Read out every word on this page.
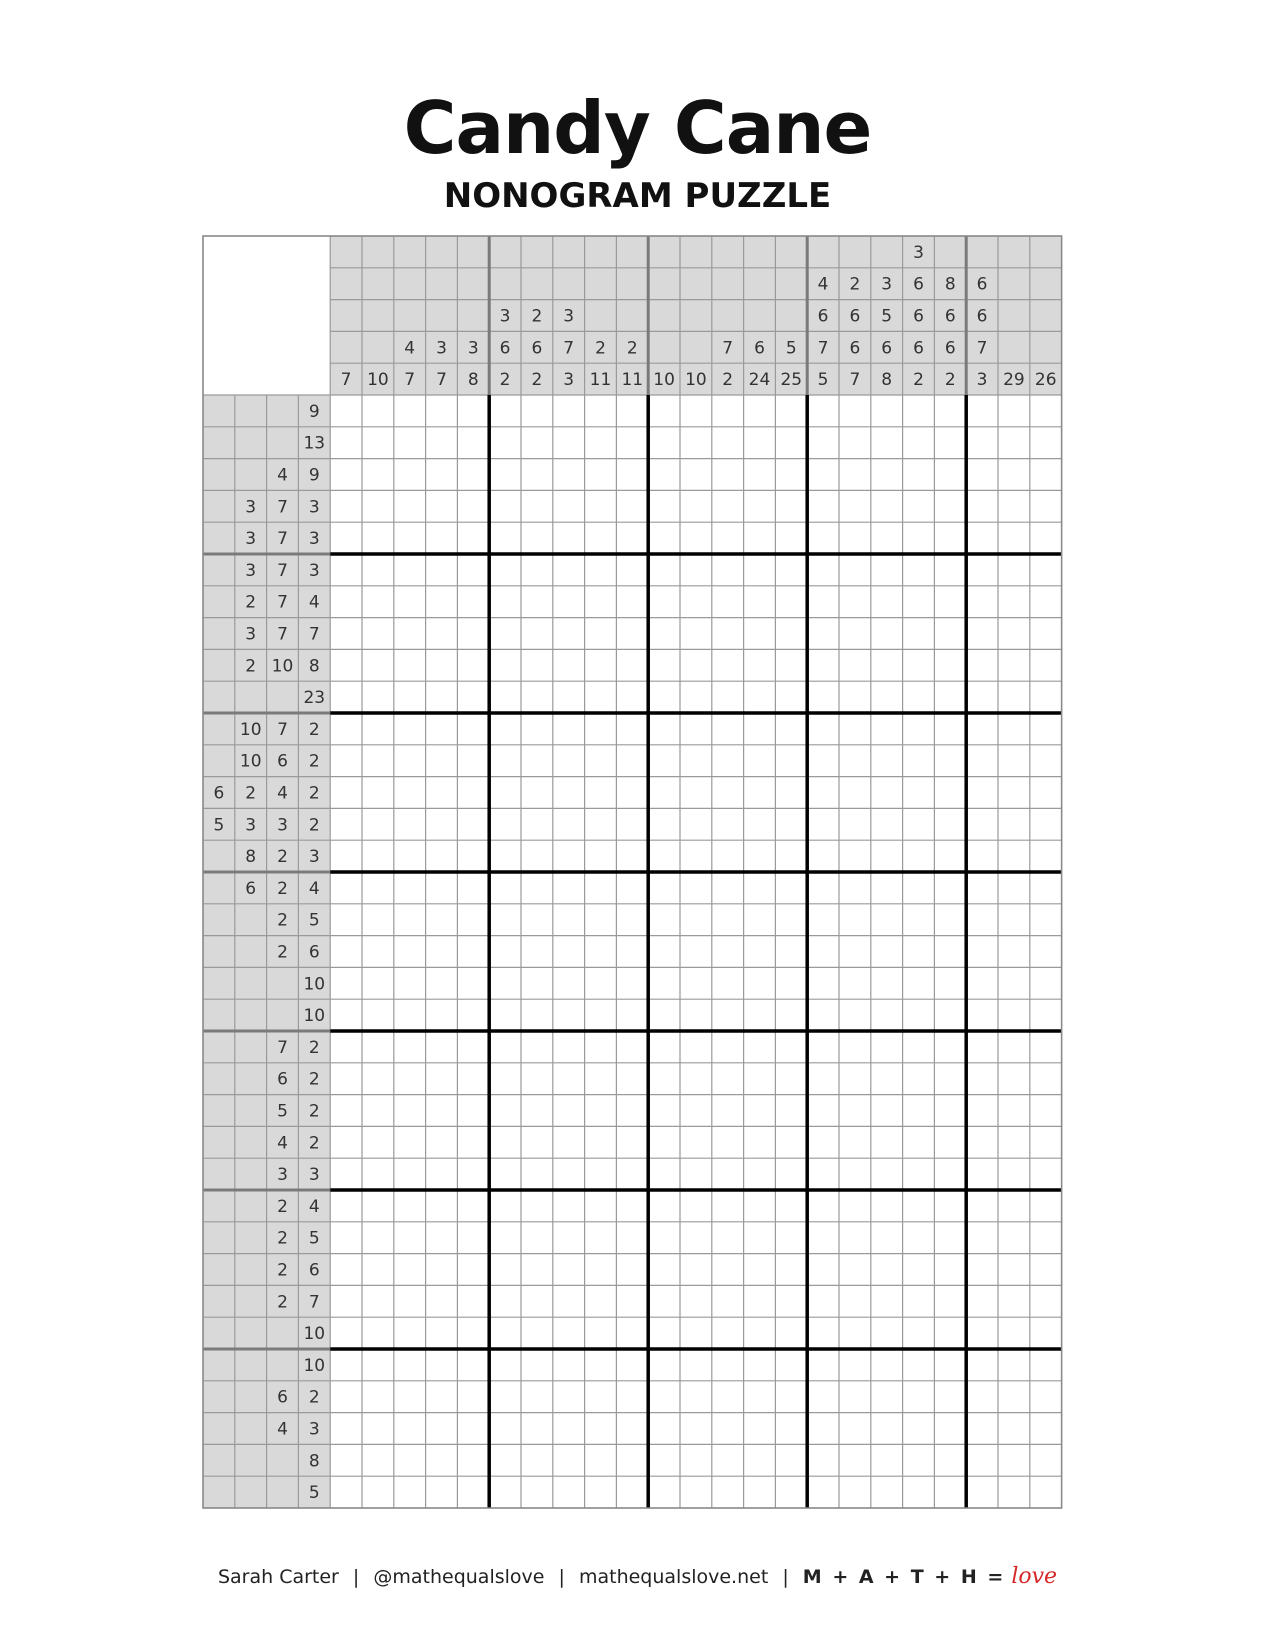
Candy Cane
NONOGRAM PUZZLE
7 10
4
7
3
7
3
8
3
6
2
2
6
2
3
7
3
2
11
2
11 10 10
7
2
6
24
5
25
4
6
7
5
2
6
6
7
3
5
6
8
3
6
6
6
2
8
6
6
2
6
6
7
3 29 26
9
13
4 9
3 7 3
3 7 3
3 7 3
2 7 4
3 7 7
2 10 8
23
10 7 2
10 6 2
6 2 4 2
5 3 3 2
8 2 3
6 2 4
2 5
2 6
10
10
7 2
6 2
5 2
4 2
3 3
2 4
2 5
2 6
2 7
10
10
6 2
4 3
8
5
Sarah Carter | @mathequalslove | mathequalslove.net | M + A + T + H = love
